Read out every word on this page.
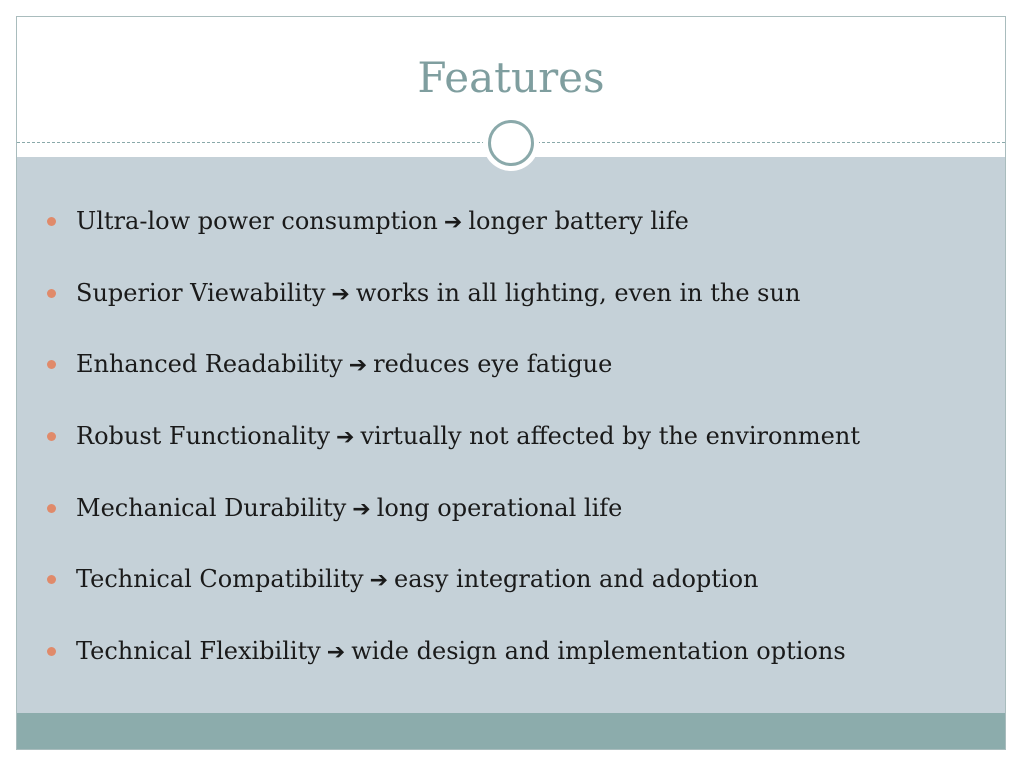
Features
Ultra-low power consumption ➔ longer battery life
Superior Viewability ➔ works in all lighting, even in the sun
Enhanced Readability ➔ reduces eye fatigue
Robust Functionality ➔ virtually not affected by the environment
Mechanical Durability ➔ long operational life
Technical Compatibility ➔ easy integration and adoption
Technical Flexibility ➔ wide design and implementation options
